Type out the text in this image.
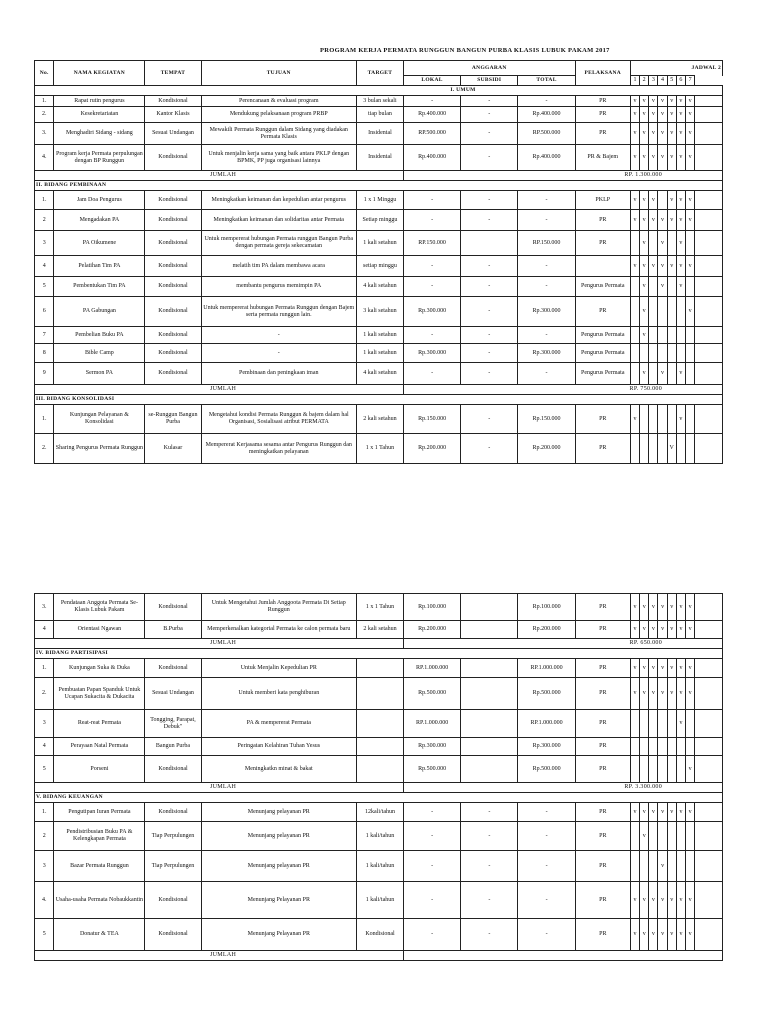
PROGRAM KERJA PERMATA RUNGGUN BANGUN PURBA KLASIS LUBUK PAKAM 2017
No.	NAMA KEGIATAN	TEMPAT	TUJUAN	TARGET	ANGGARAN			PELAKSANA	JADWAL 2							
					LOKAL	SUBSIDI	TOTAL		1	2	3	4	5	6	7	
I. UMUM																
1.	Rapat rutin pengurus	Kondisional	Perencanaan & evaluasi program	3 bulan sekali	-	-	-	PR	v	v	v	v	v	v	v	
2.	Kesekretariatan	Kantor Klasis	Mendukung pelaksanaan program PRBP	tiap bulan	Rp.400.000	-	Rp.400.000	PR	v	v	v	v	v	v	v	
3.	Menghadiri Sidang - sidang	Sesuai Undangan	Mewakili Permata Runggun dalam Sidang yang diadakan Permata Klasis	Insidental	RP.500.000	-	RP.500.000	PR	v	v	v	v	v	v	v	
4.	Program kerja Permata perpulungan dengan BP Runggun	Kondisional	Untuk menjalin kerja sama yang baik antara PKLP dengan BPMK, PP juga organisasi lainnya	Insidental	Rp.400.000	-	Rp.400.000	PR & Bajem	v	v	v	v	v	v	v	
JUMLAH					RP. 1.300.000											
II. BIDANG PEMBINAAN																
1.	Jam Doa Pengurus	Kondisional	Meningkatkan keimanan dan kepedulian antar pengurus	1 x 1 Minggu	-	-	-	PKLP	v	v	v		v	v	v	
2	Mengadakan PA	Kondisional	Meningkatkan keimanan dan solidaritas antar Permata	Setiap minggu	-	-	-	PR	v	v	v	v	v	v	v	
3	PA Oikumene	Kondisional	Untuk mempererat hubungan Permata runggun Bangun Purba dengan permata gereja sekecamatan	1 kali setahun	RP.150.000		RP.150.000	PR		v		v		v		
4	Pelatihan Tim PA	Kondisional	melatih tim PA dalam membawa acara	setiap minggu	-	-	-		v	v	v	v	v	v	v	
5	Pembentukan Tim PA	Kondisional	membantu pengurus memimpin PA	4 kali setahun	-	-	-	Pengurus Permata		v		v		v		
6	PA Gabungan	Kondisional	Untuk mempererat hubungan Permata Runggun dengan Bajem serta permata runggun lain.	3 kali setahun	Rp.300.000	-	Rp.300.000	PR		v					v	
7	Pembelian Buku PA	Kondisional	-	1 kali setahun	-	-	-	Pengurus Permata		v						
8	Bible Camp	Kondisional	-	1 kali setahun	Rp.300.000	-	Rp.300.000	Pengurus Permata								
9	Sermon PA	Kondisional	Pembinaan dan peningkaan iman	4 kali setahun	-	-	-	Pengurus Permata		v		v		v		
JUMLAH					RP. 750.000											
III. BIDANG KONSOLIDASI																
1.	Kunjungan Pelayanan & Konsolidasi	se-Runggun Bangun Purba	Mengetahui kondisi Permata Runggun & bajem dalam hal Organisasi, Sosialisasi atribut PERMATA	2 kali setahun	Rp.150.000	-	Rp.150.000	PR	v					v		
2.	Sharing Pengurus Permata Runggun	Kulasar	Mempererat Kerjasama sesama antar Pengurus Runggun dan meningkatkan pelayanan	1 x 1 Tahun	Rp.200.000	-	Rp.200.000	PR					V			
3.	Pendataan Anggota Permata Se-Klasis Lubuk Pakam	Kondisional	Untuk Mengetahui Jumlah Anggoota Permata Di Setiap Runggun	1 x 1 Tahun	Rp.100.000		Rp.100.000	PR	v	v	v	v	v	v	v	
4	Orientasi Ngawan	B.Purba	Memperkenalkan kategorial Permata ke calon permata baru	2 kali setahun	Rp.200.000		Rp.200.000	PR	v	v	v	v	v	v	v	
JUMLAH					RP. 650.000											
IV. BIDANG PARTISIPASI																
1.	Kunjungan Suka & Duka	Kondisional	Untuk Menjalin Kepedulian PR		RP.1.000.000		RP.1.000.000	PR	v	v	v	v	v	v	v	
2.	Pembuatan Papan Spanduk Untuk Ucapan Sukacita & Dukacita	Sesuai Undangan	Untuk memberi kata penghiburan		Rp.500.000		Rp.500.000	PR	v	v	v	v	v	v	v	
3	Reat-reat Permata	Tongging, Parapat, Debuk"	PA & mempererat Permata		RP.1.000.000		RP.1.000.000	PR						v		
4	Perayaan Natal Permata	Bangun Purba	Peringatan Kelahiran Tuhan Yesus		Rp.300.000		Rp.300.000	PR								
5	Porseni	Kondisional	Meningkatkn minat & bakat		Rp.500.000		Rp.500.000	PR							v	
JUMLAH					RP. 3.300.000											
V. BIDANG KEUANGAN																
1.	Pengutipan Iuran Permata	Kondisional	Menunjang pelayanan PR	12kali/tahun	-	-	-	PR	v	v	v	v	v	v	v	
2	Pendistribusian Buku PA & Kelengkapan Permata	Tiap Perpulungen	Menunjang pelayanan PR	1 kali/tahun	-	-	-	PR		v						
3	Bazar Permata Runggun	Tiap Perpulungen	Menunjang pelayanan PR	1 kali/tahun	-	-	-	PR				v				
4.	Usaha-usaha Permata Nobaukkantin	Kondisional	Menunjang Pelayanan PR	1 kali/tahun	-	-	-	PR	v	v	v	v	v	v	v	
5	Donatur & TEA	Kondisional	Menunjang Pelayanan PR	Kondisional	-	-	-	PR	v	v	v	v	v	v	v	
JUMLAH																
